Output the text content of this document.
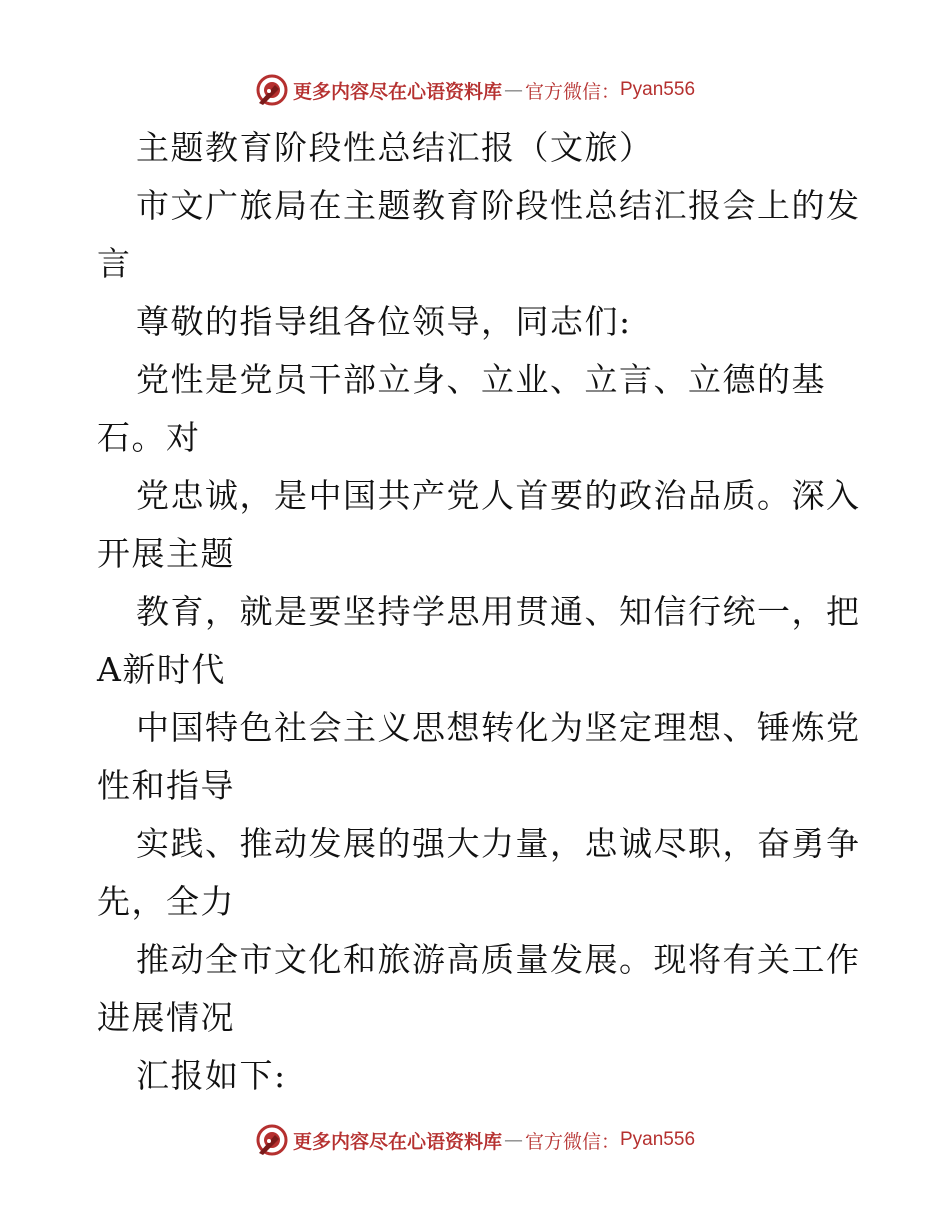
更多内容尽在心语资料库 — 官方微信： Pyan556
主题教育阶段性总结汇报（文旅）
市文广旅局在主题教育阶段性总结汇报会上的发
言
尊敬的指导组各位领导，同志们:
党性是党员干部立身、立业、立言、立德的基
石。对
党忠诚，是中国共产党人首要的政治品质。深入
开展主题
教育，就是要坚持学思用贯通、知信行统一，把
A新时代
中国特色社会主义思想转化为坚定理想、锤炼党
性和指导
实践、推动发展的强大力量，忠诚尽职，奋勇争
先，全力
推动全市文化和旅游高质量发展。现将有关工作
进展情况
汇报如下:
更多内容尽在心语资料库 — 官方微信： Pyan556
